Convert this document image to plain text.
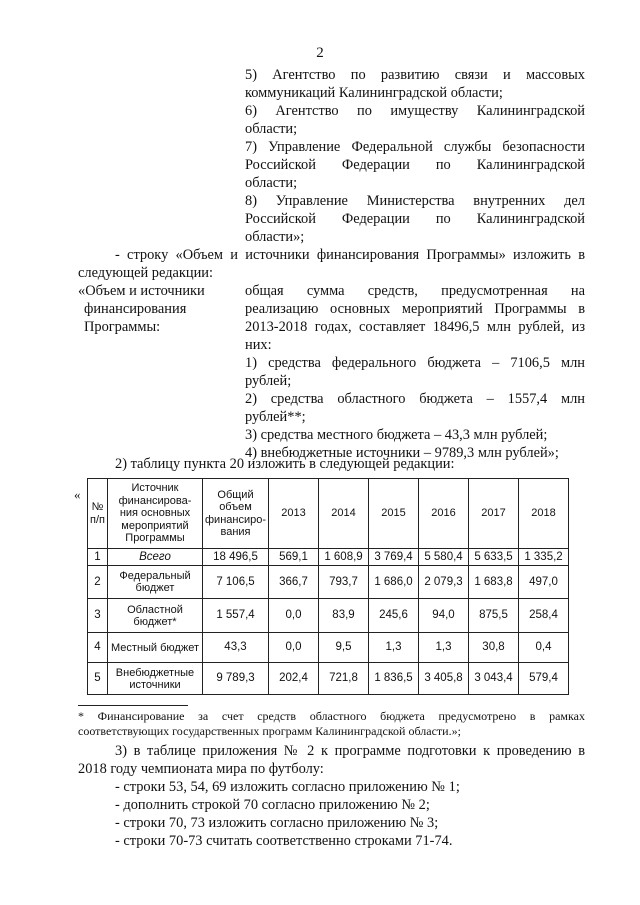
2
5) Агентство по развитию связи и массовых
коммуникаций Калининградской области;
6) Агентство по имуществу Калининградской
области;
7) Управление Федеральной службы безопасности
Российской Федерации по Калининградской
области;
8) Управление Министерства внутренних дел
Российской Федерации по Калининградской
области»;
- строку «Объем и источники финансирования Программы» изложить в
следующей редакции:
«Объем и источники
финансирования
Программы:
общая сумма средств, предусмотренная на
реализацию основных мероприятий Программы в
2013-2018 годах, составляет 18496,5 млн рублей, из
них:
1) средства федерального бюджета – 7106,5 млн
рублей;
2) средства областного бюджета – 1557,4 млн
рублей**;
3) средства местного бюджета – 43,3 млн рублей;
4) внебюджетные источники – 9789,3 млн рублей»;
2) таблицу пункта 20 изложить в следующей редакции:
«
№ п/п	Источник финансирова-ния основных мероприятий Программы	Общий объем финансиро-вания	2013	2014	2015	2016	2017	2018
1	Всего	18 496,5	569,1	1 608,9	3 769,4	5 580,4	5 633,5	1 335,2
2	Федеральный бюджет	7 106,5	366,7	793,7	1 686,0	2 079,3	1 683,8	497,0
3	Областной бюджет*	1 557,4	0,0	83,9	245,6	94,0	875,5	258,4
4	Местный бюджет	43,3	0,0	9,5	1,3	1,3	30,8	0,4
5	Внебюджетные источники	9 789,3	202,4	721,8	1 836,5	3 405,8	3 043,4	579,4
* Финансирование за счет средств областного бюджета предусмотрено в рамках
соответствующих государственных программ Калининградской области.»;
3) в таблице приложения № 2 к программе подготовки к проведению в
2018 году чемпионата мира по футболу:
- строки 53, 54, 69 изложить согласно приложению № 1;
- дополнить строкой 70 согласно приложению № 2;
- строки 70, 73 изложить согласно приложению № 3;
- строки 70-73 считать соответственно строками 71-74.
